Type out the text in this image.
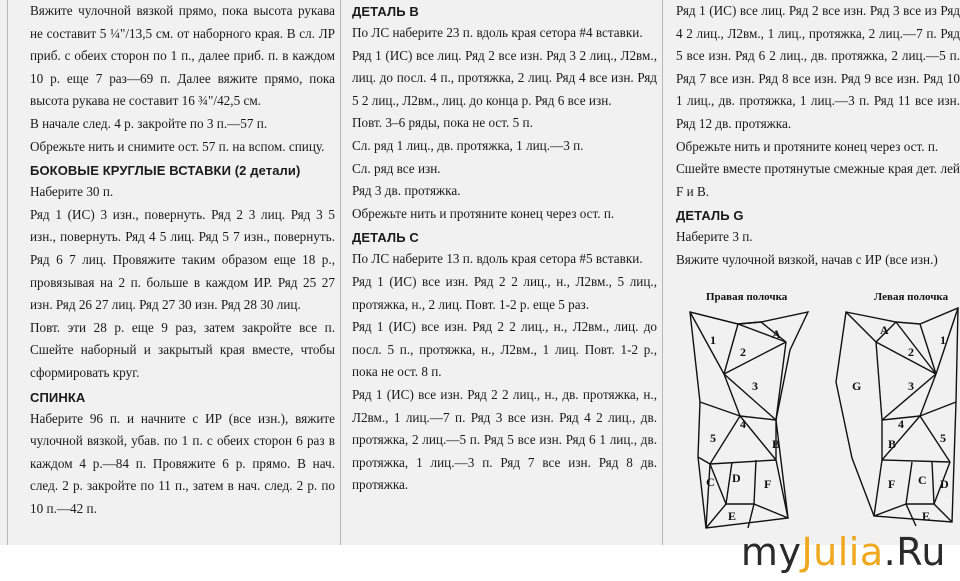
Вяжите чулочной вязкой прямо, пока высота рукава не составит 5 ¼"/13,5 см. от наборного края. В сл. ЛР приб. с обеих сторон по 1 п., далее приб. п. в каждом 10 р. еще 7 раз—69 п. Далее вяжите прямо, пока высота рукава не составит 16 ¾"/42,5 см.

В начале след. 4 р. закройте по 3 п.—57 п.

Обрежьте нить и снимите ост. 57 п. на вспом. спицу.

БОКОВЫЕ КРУГЛЫЕ ВСТАВКИ (2 детали)

Наберите 30 п.

Ряд 1 (ИС) 3 изн., повернуть. Ряд 2 3 лиц. Ряд 3 5 изн., повернуть. Ряд 4 5 лиц. Ряд 5 7 изн., повернуть. Ряд 6 7 лиц. Провяжите таким образом еще 18 р., провязывая на 2 п. больше в каждом ИР. Ряд 25 27 изн. Ряд 26 27 лиц. Ряд 27 30 изн. Ряд 28 30 лиц.

Повт. эти 28 р. еще 9 раз, затем закройте все п. Сшейте наборный и закрытый края вместе, чтобы сформировать круг.

СПИНКА

Наберите 96 п. и начните с ИР (все изн.), вяжите чулочной вязкой, убав. по 1 п. с обеих сторон 6 раз в каждом 4 р.—84 п. Провяжите 6 р. прямо. В нач. след. 2 р. закройте по 11 п., затем в нач. след. 2 р. по 10 п.—42 п.

ДЕТАЛЬ В

По ЛС наберите 23 п. вдоль края сетора #4 вставки.

Ряд 1 (ИС) все лиц. Ряд 2 все изн. Ряд 3 2 лиц., Л2вм., лиц. до посл. 4 п., протяжка, 2 лиц. Ряд 4 все изн. Ряд 5 2 лиц., Л2вм., лиц. до конца р. Ряд 6 все изн.

Повт. 3–6 ряды, пока не ост. 5 п.

Сл. ряд 1 лиц., дв. протяжка, 1 лиц.—3 п.

Сл. ряд все изн.

Ряд 3 дв. протяжка.

Обрежьте нить и протяните конец через ост. п.

ДЕТАЛЬ С

По ЛС наберите 13 п. вдоль края сетора #5 вставки.

Ряд 1 (ИС) все изн. Ряд 2 2 лиц., н., Л2вм., 5 лиц., протяжка, н., 2 лиц. Повт. 1-2 р. еще 5 раз.

Ряд 1 (ИС) все изн. Ряд 2 2 лиц., н., Л2вм., лиц. до посл. 5 п., протяжка, н., Л2вм., 1 лиц. Повт. 1-2 р., пока не ост. 8 п.

Ряд 1 (ИС) все изн. Ряд 2 2 лиц., н., дв. протяжка, н., Л2вм., 1 лиц.—7 п. Ряд 3 все изн. Ряд 4 2 лиц., дв. протяжка, 2 лиц.—5 п. Ряд 5 все изн. Ряд 6 1 лиц., дв. протяжка, 1 лиц.—3 п. Ряд 7 все изн. Ряд 8 дв. протяжка.

Ряд 1 (ИС) все лиц. Ряд 2 все изн. Ряд 3 все из Ряд 4 2 лиц., Л2вм., 1 лиц., протяжка, 2 лиц.—7 п. Ряд 5 все изн. Ряд 6 2 лиц., дв. протяжка, 2 лиц.—5 п. Ряд 7 все изн. Ряд 8 все изн. Ряд 9 все изн. Ряд 10 1 лиц., дв. протяжка, 1 лиц.—3 п. Ряд 11 все изн. Ряд 12 дв. протяжка.

Обрежьте нить и протяните конец через ост. п.

Сшейте вместе протянутые смежные края дет. лей F и B.

ДЕТАЛЬ G

Наберите 3 п.

Вяжите чулочной вязкой, начав с ИР (все изн.)

Правая полочка	Левая полочка
1
2
A
3
4
5	B
C D F
E
A
1
2
G	3
4
5
B
F C D
E
myJulia.Ru
